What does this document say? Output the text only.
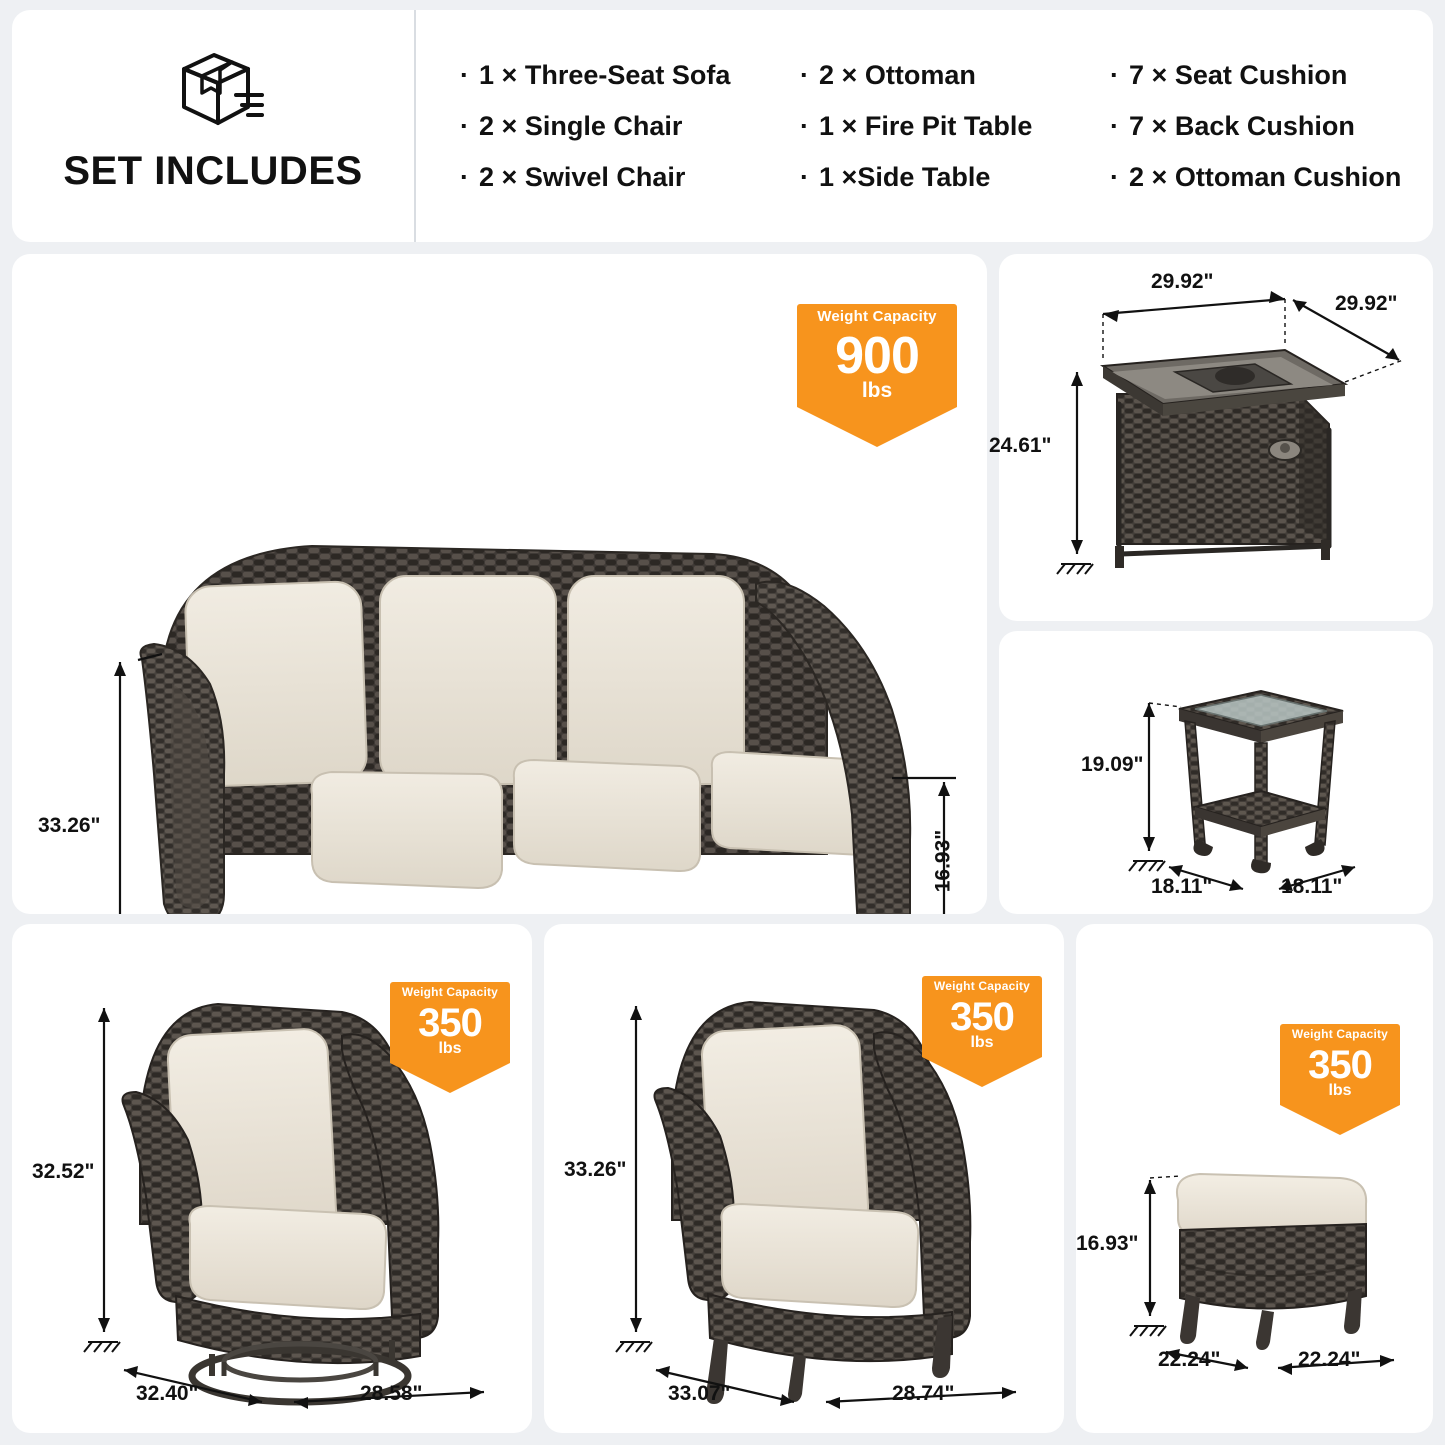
SET INCLUDES
· 1 × Three-Seat Sofa	· 2 × Ottoman	· 7 × Seat Cushion
· 2 × Single Chair	· 1 × Fire Pit Table	· 7 × Back Cushion
· 2 × Swivel Chair	· 1 ×Side Table	· 2 × Ottoman Cushion
Weight Capacity
900
lbs
33.26"
16.93"
29.92"
29.92"
24.61"
19.09"
18.11"	18.11"
Weight Capacity
350
lbs
32.52"
32.40"	28.58"
Weight Capacity
350
lbs
33.26"
33.07"	28.74"
Weight Capacity
350
lbs
16.93"
22.24"	22.24"
